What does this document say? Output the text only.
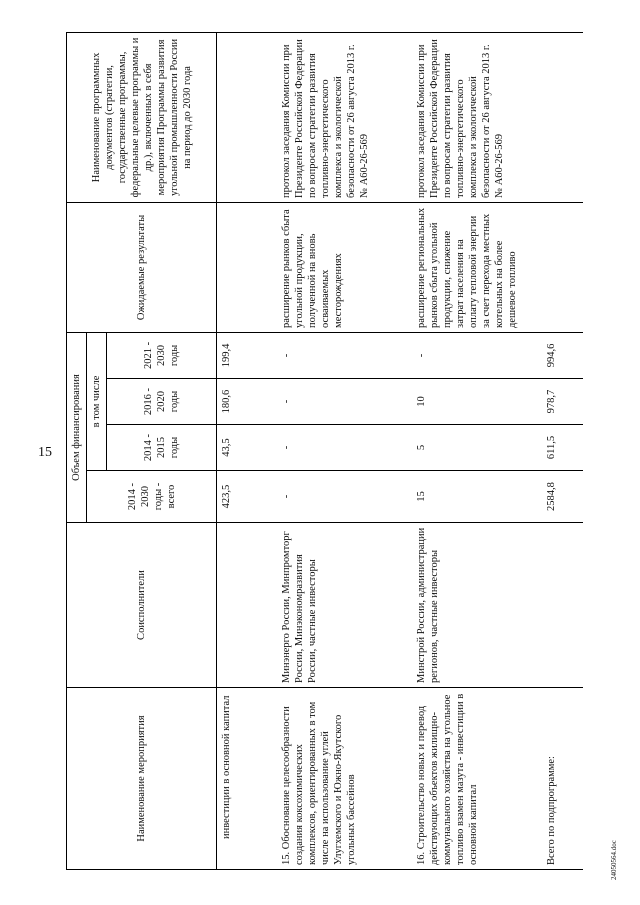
15
Наименование мероприятия	Соисполнители	Объем финансирования				Ожидаемые результаты	Наименование программных документов (стратегии, государственные программы, федеральные целевые программы и др.), включенных в себя мероприятия Программы развития угольной промышленности России на период до 2030 года
		2014 - 2030 годы - всего	в том числе				
			2014 - 2015 годы	2016 - 2020 годы	2021 - 2030 годы		
инвестиции в основной капитал		423,5	43,5	180,6	199,4		
15. Обоснование целесообразности создания коксохимических комплексов, ориентированных в том числе на использование углей Улугхемского и Южно-Якутского угольных бассейнов	Минэнерго России, Минпромторг России, Минэкономразвития России, частные инвесторы	-	-	-	-	расширение рынков сбыта угольной продукции, полученной на вновь осваиваемых месторождениях	протокол заседания Комиссии при Президенте Российской Федерации по вопросам стратегии развития топливно-энергетического комплекса и экологической безопасности от 26 августа 2013 г. № А60-26-569
16. Строительство новых и перевод действующих объектов жилищно-коммунального хозяйства на угольное топливо взамен мазута - инвестиции в основной капитал	Минстрой России, администрации регионов, частные инвесторы	15	5	10	-	расширение региональных рынков сбыта угольной продукции, снижение затрат населения на оплату тепловой энергии за счет перехода местных котельных на более дешевое топливо	протокол заседания Комиссии при Президенте Российской Федерации по вопросам стратегии развития топливно-энергетического комплекса и экологической безопасности от 26 августа 2013 г. № А60-26-569
Всего по подпрограмме:		2584,8	611,5	978,7	994,6		
24050564.doc
